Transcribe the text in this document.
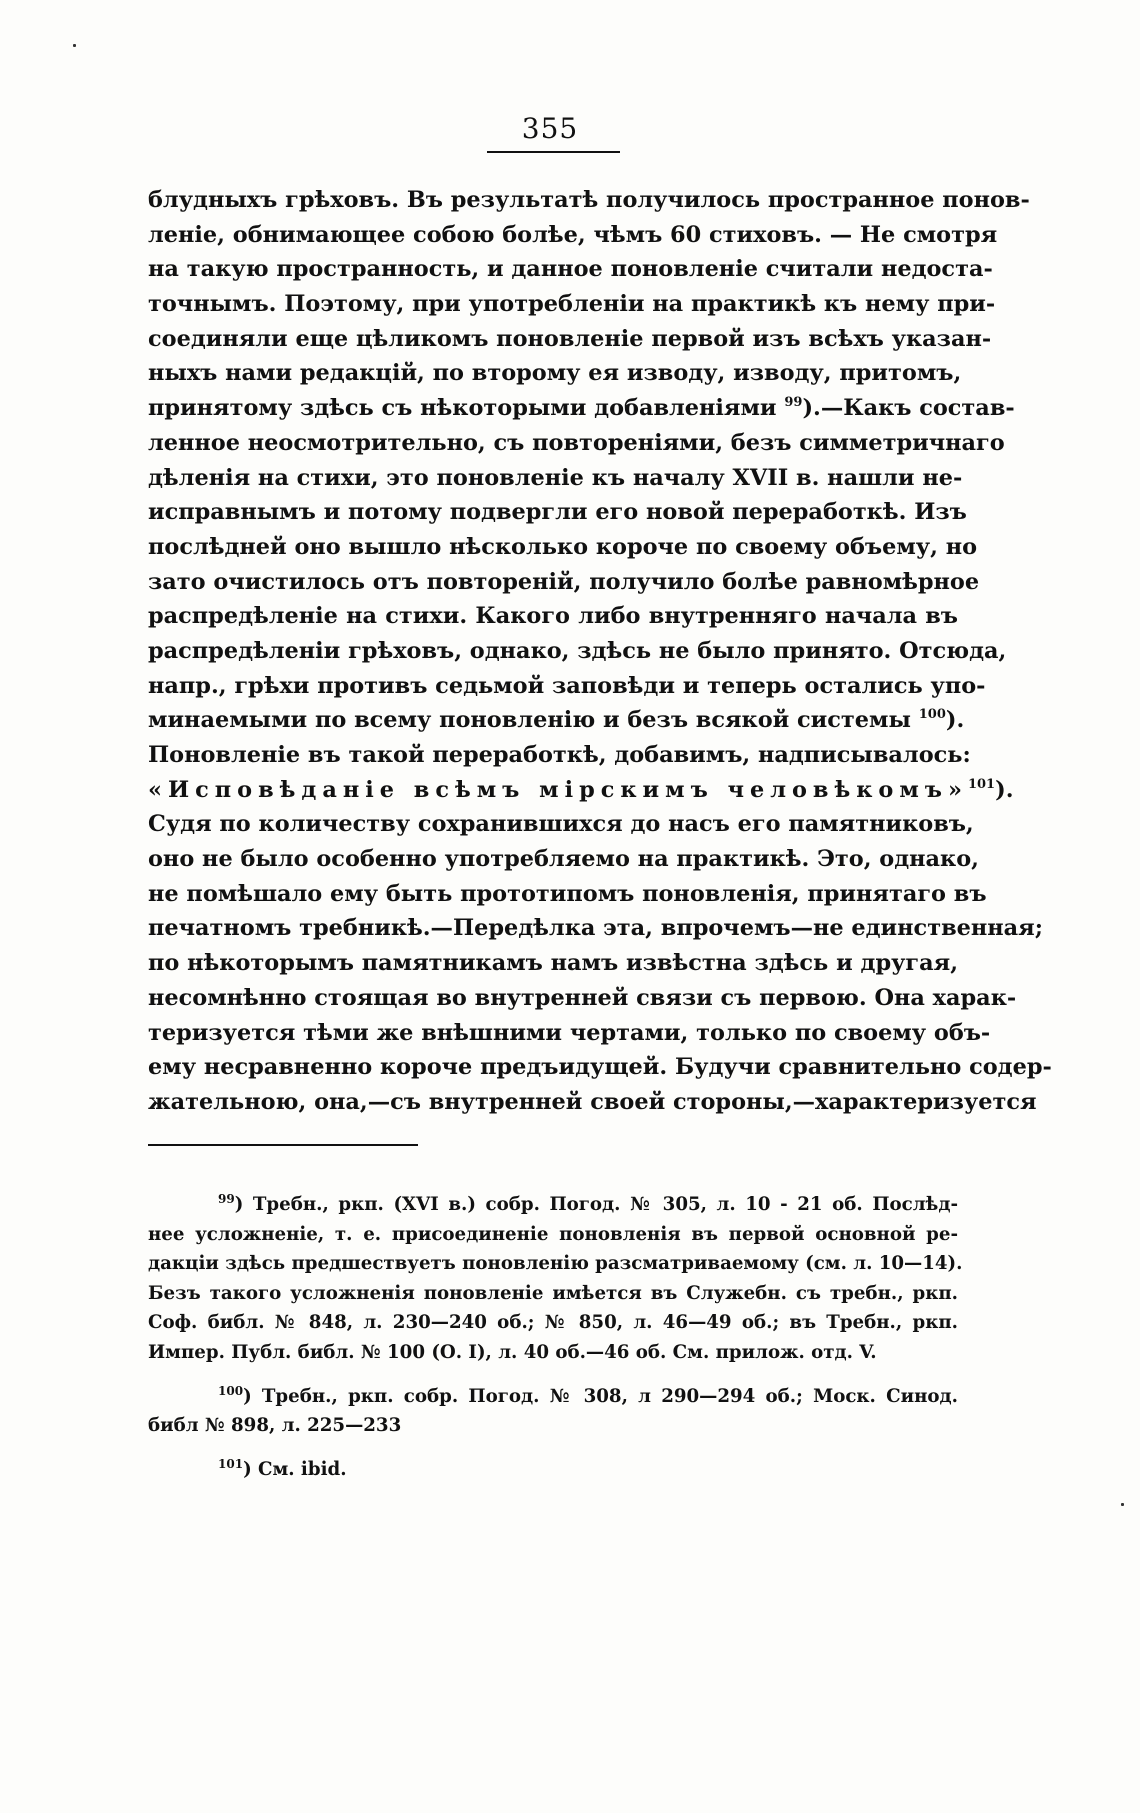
355
блудныхъ грѣховъ. Въ результатѣ получилось пространное понов-
леніе, обнимающее собою болѣе, чѣмъ 60 стиховъ. — Не смотря
на такую пространность, и данное поновленіе считали недоста-
точнымъ. Поэтому, при употребленіи на практикѣ къ нему при-
соединяли еще цѣликомъ поновленіе первой изъ всѣхъ указан-
ныхъ нами редакцій, по второму ея изводу, изводу, притомъ,
принятому здѣсь съ нѣкоторыми добавленіями $^{99}$).—Какъ состав-
ленное неосмотрительно, съ повтореніями, безъ симметричнаго
дѣленія на стихи, это поновленіе къ началу XVII в. нашли не-
исправнымъ и потому подвергли его новой переработкѣ. Изъ
послѣдней оно вышло нѣсколько короче по своему объему, но
зато очистилось отъ повтореній, получило болѣе равномѣрное
распредѣленіе на стихи. Какого либо внутренняго начала въ
распредѣленіи грѣховъ, однако, здѣсь не было принято. Отсюда,
напр., грѣхи противъ седьмой заповѣди и теперь остались упо-
минаемыми по всему поновленію и безъ всякой системы $^{100}$).
Поновленіе въ такой переработкѣ, добавимъ, надписывалось:
«Исповѣданіе всѣмъ мірскимъ человѣкомъ»$^{101}$).
Судя по количеству сохранившихся до насъ его памятниковъ,
оно не было особенно употребляемо на практикѣ. Это, однако,
не помѣшало ему быть прототипомъ поновленія, принятаго въ
печатномъ требникѣ.—Передѣлка эта, впрочемъ—не единственная;
по нѣкоторымъ памятникамъ намъ извѣстна здѣсь и другая,
несомнѣнно стоящая во внутренней связи съ первою. Она харак-
теризуется тѣми же внѣшними чертами, только по своему объ-
ему несравненно короче предъидущей. Будучи сравнительно содер-
жательною, она,—съ внутренней своей стороны,—характеризуется
$^{99}$) Требн., ркп. (XVI в.) собр. Погод. № 305, л. 10 - 21 об. Послѣд-
нее усложненіе, т. е. присоединеніе поновленія въ первой основной ре-
дакціи здѣсь предшествуетъ поновленію разсматриваемому (см. л. 10—14).
Безъ такого усложненія поновленіе имѣется въ Служебн. съ требн., ркп.
Соф. библ. № 848, л. 230—240 об.; № 850, л. 46—49 об.; въ Требн., ркп.
Импер. Публ. библ. № 100 (О. I), л. 40 об.—46 об. См. прилож. отд. V.
$^{100}$) Требн., ркп. собр. Погод. № 308, л 290—294 об.; Моск. Синод.
библ № 898, л. 225—233
$^{101}$) См. ibid.
